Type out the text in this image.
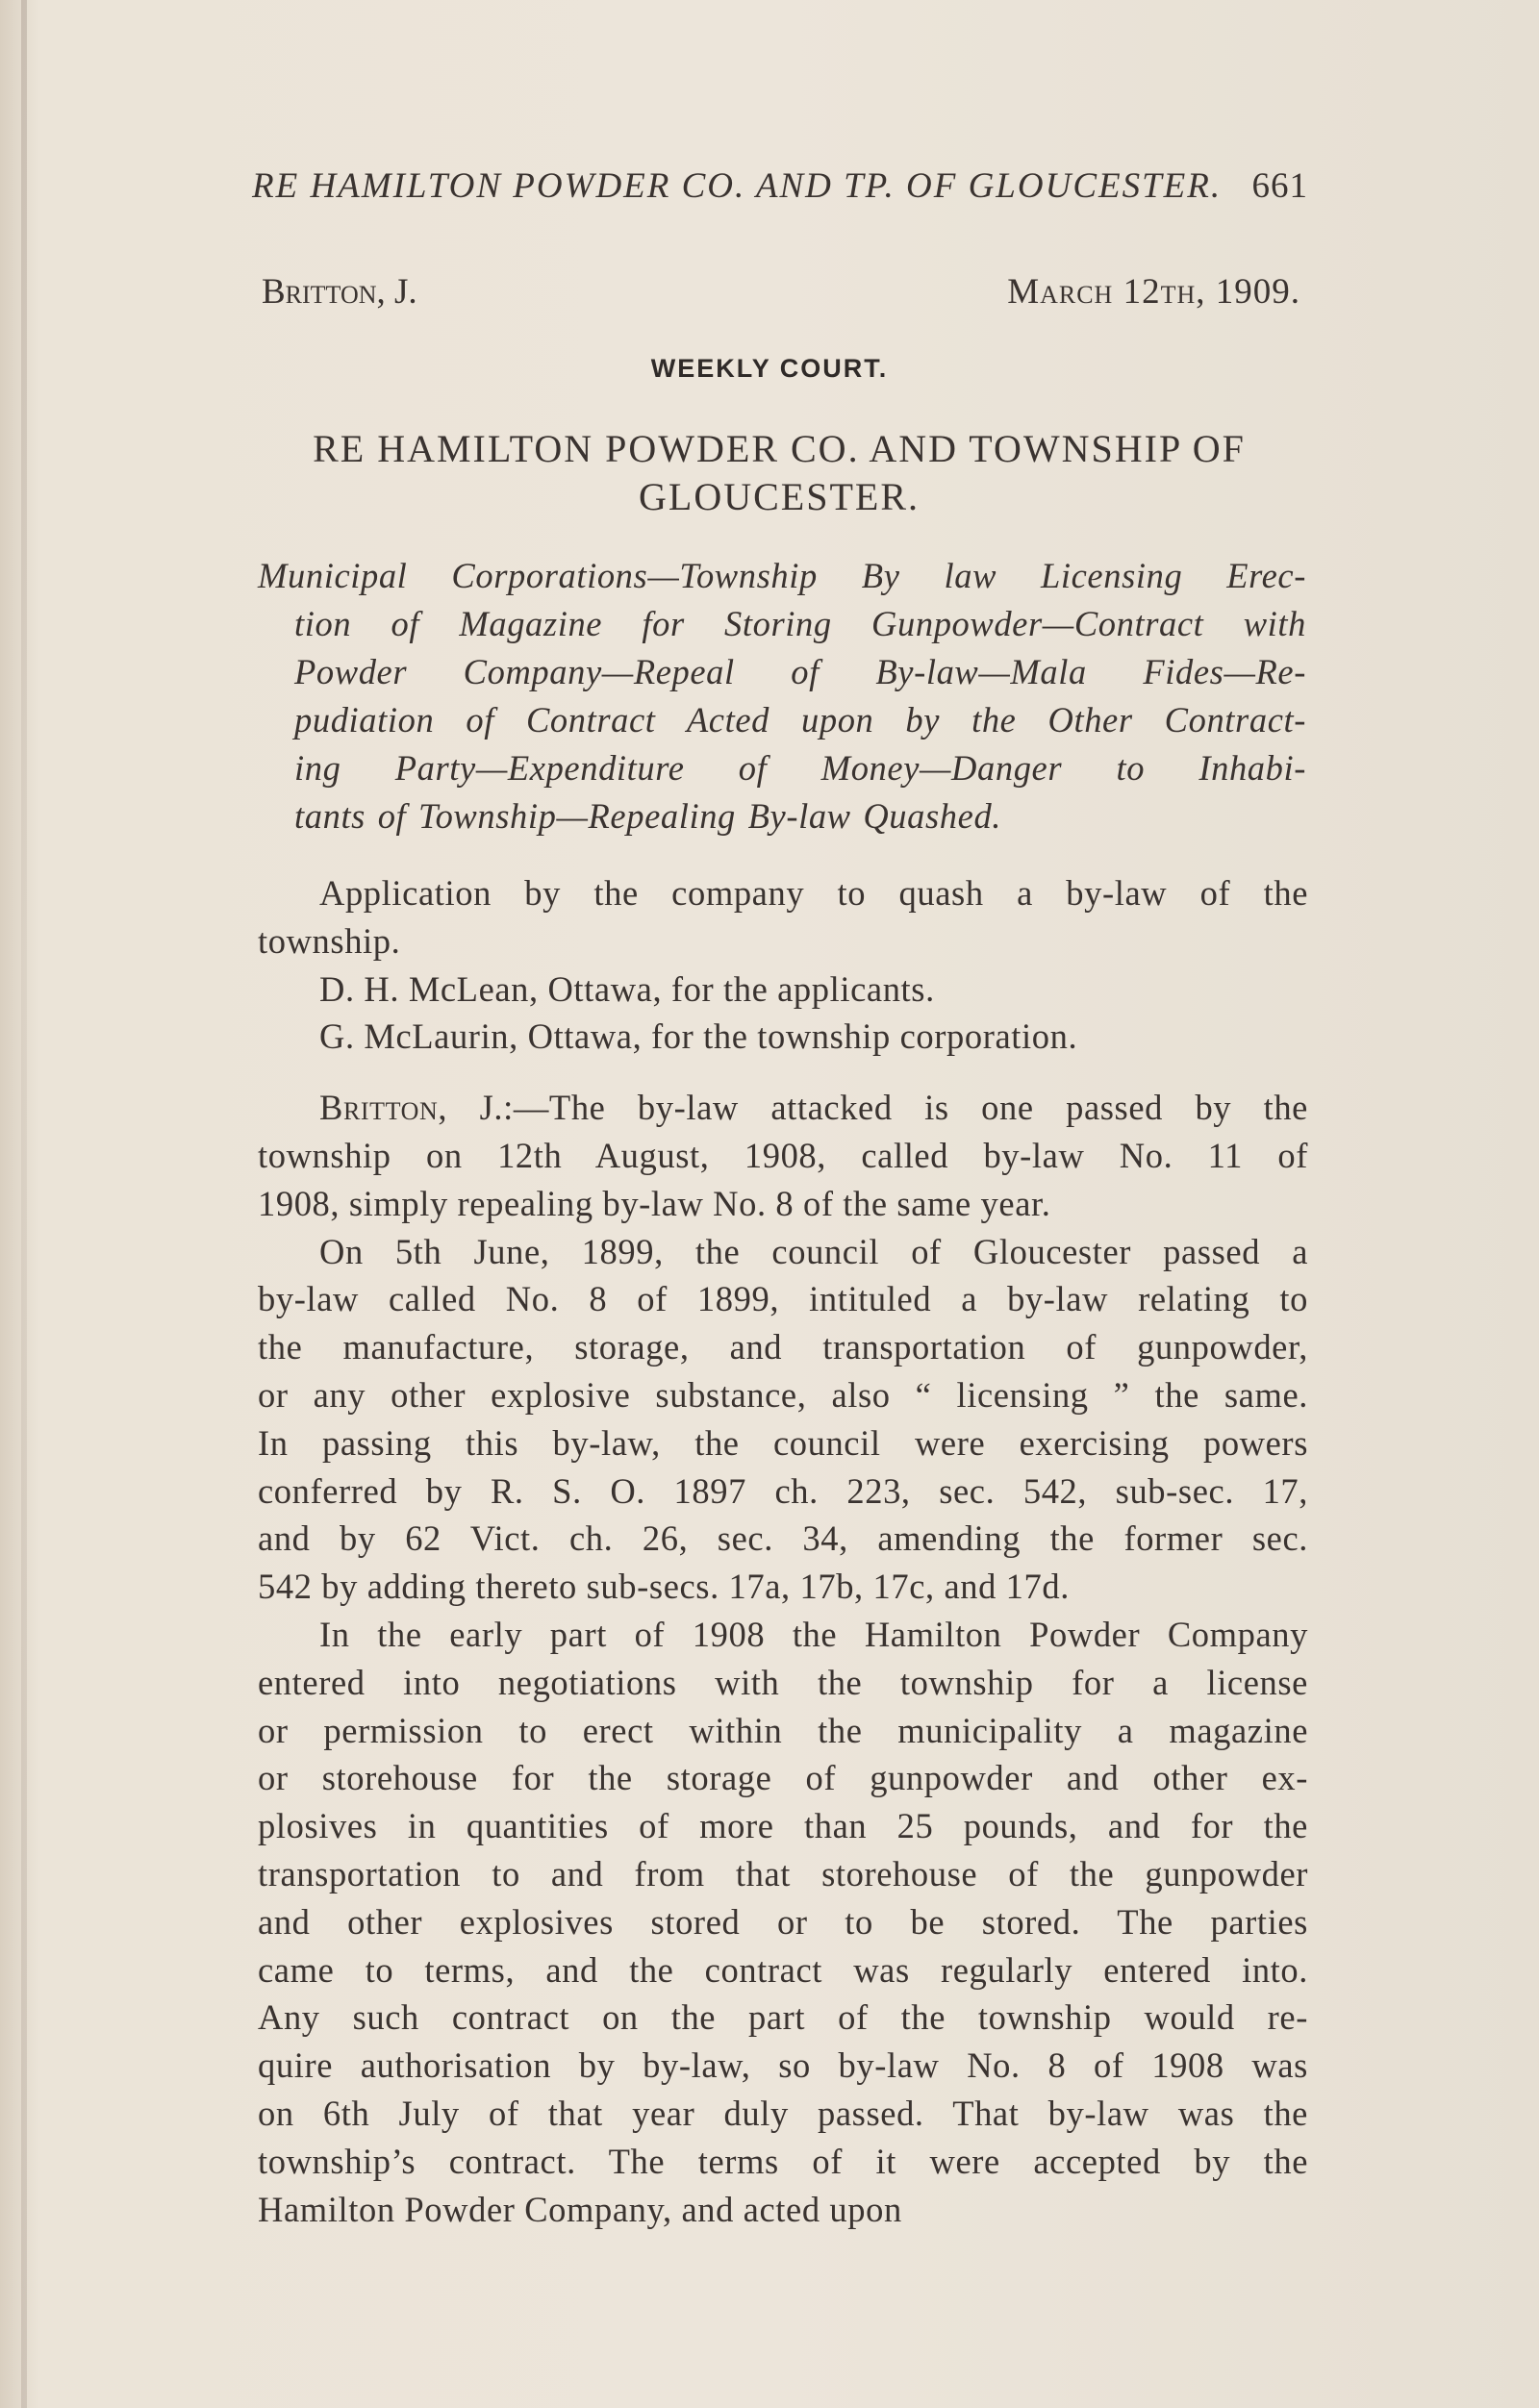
RE HAMILTON POWDER CO. AND TP. OF GLOUCESTER. 661
Britton, J.	March 12th, 1909.
WEEKLY COURT.
RE HAMILTON POWDER CO. AND TOWNSHIP OF
GLOUCESTER.
Municipal Corporations—Township By law Licensing Erec-
tion of Magazine for Storing Gunpowder—Contract with
Powder Company—Repeal of By-law—Mala Fides—Re-
pudiation of Contract Acted upon by the Other Contract-
ing Party—Expenditure of Money—Danger to Inhabi-
tants of Township—Repealing By-law Quashed.
Application by the company to quash a by-law of the
township.
D. H. McLean, Ottawa, for the applicants.
G. McLaurin, Ottawa, for the township corporation.
Britton, J.:—The by-law attacked is one passed by the
township on 12th August, 1908, called by-law No. 11 of
1908, simply repealing by-law No. 8 of the same year.
On 5th June, 1899, the council of Gloucester passed a
by-law called No. 8 of 1899, intituled a by-law relating to
the manufacture, storage, and transportation of gunpowder,
or any other explosive substance, also “ licensing ” the same.
In passing this by-law, the council were exercising powers
conferred by R. S. O. 1897 ch. 223, sec. 542, sub-sec. 17,
and by 62 Vict. ch. 26, sec. 34, amending the former sec.
542 by adding thereto sub-secs. 17a, 17b, 17c, and 17d.
In the early part of 1908 the Hamilton Powder Company
entered into negotiations with the township for a license
or permission to erect within the municipality a magazine
or storehouse for the storage of gunpowder and other ex-
plosives in quantities of more than 25 pounds, and for the
transportation to and from that storehouse of the gunpowder
and other explosives stored or to be stored. The parties
came to terms, and the contract was regularly entered into.
Any such contract on the part of the township would re-
quire authorisation by by-law, so by-law No. 8 of 1908 was
on 6th July of that year duly passed. That by-law was the
township’s contract. The terms of it were accepted by the
Hamilton Powder Company, and acted upon
